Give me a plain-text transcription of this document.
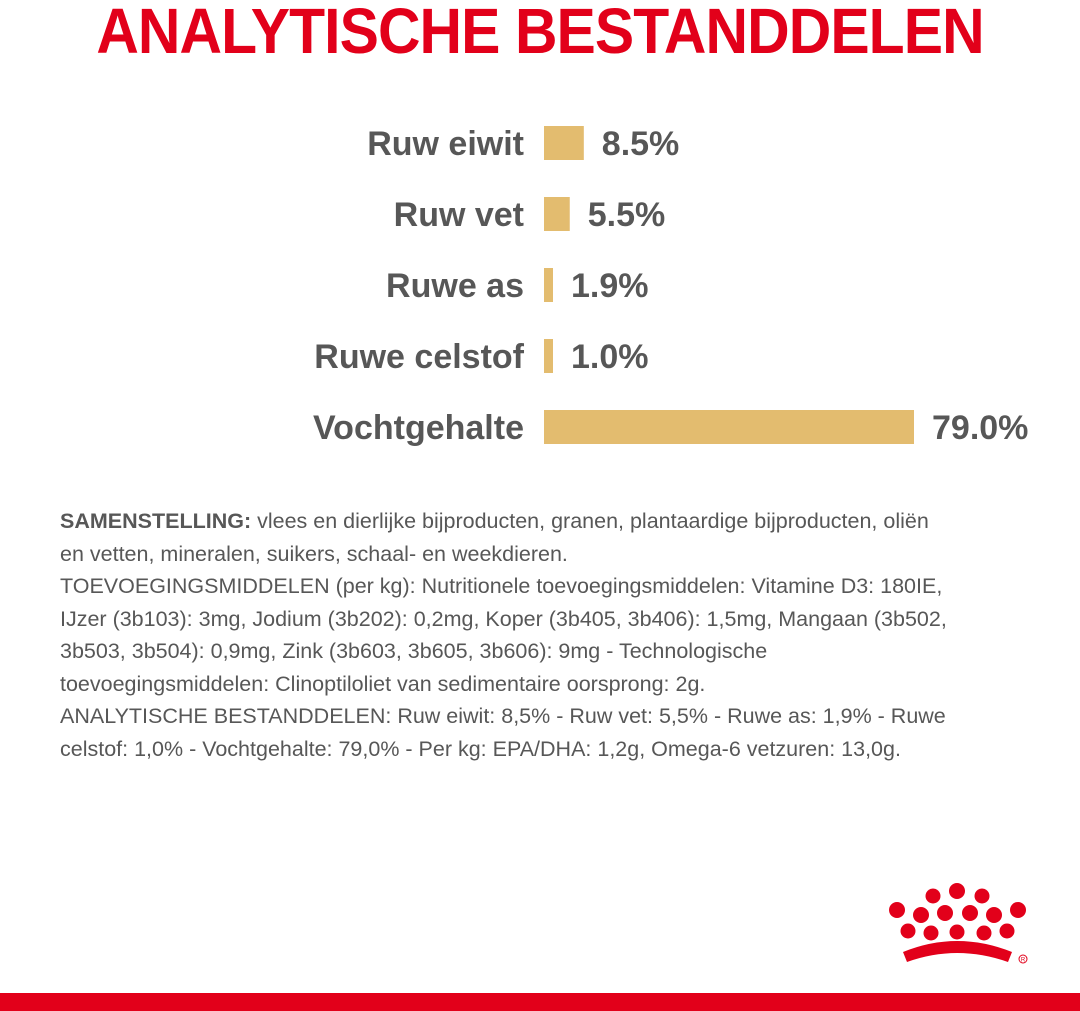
ANALYTISCHE BESTANDDELEN
Ruw eiwit 8.5%
Ruw vet 5.5%
Ruwe as 1.9%
Ruwe celstof 1.0%
Vochtgehalte	79.0%

SAMENSTELLING: vlees en dierlijke bijproducten, granen, plantaardige bijproducten, oliën

en vetten, mineralen, suikers, schaal- en weekdieren.

TOEVOEGINGSMIDDELEN (per kg): Nutritionele toevoegingsmiddelen: Vitamine D3: 180IE,

IJzer (3b103): 3mg, Jodium (3b202): 0,2mg, Koper (3b405, 3b406): 1,5mg, Mangaan (3b502,

3b503, 3b504): 0,9mg, Zink (3b603, 3b605, 3b606): 9mg - Technologische

toevoegingsmiddelen: Clinoptiloliet van sedimentaire oorsprong: 2g.

ANALYTISCHE BESTANDDELEN: Ruw eiwit: 8,5% - Ruw vet: 5,5% - Ruwe as: 1,9% - Ruwe

celstof: 1,0% - Vochtgehalte: 79,0% - Per kg: EPA/DHA: 1,2g, Omega-6 vetzuren: 13,0g.

R
